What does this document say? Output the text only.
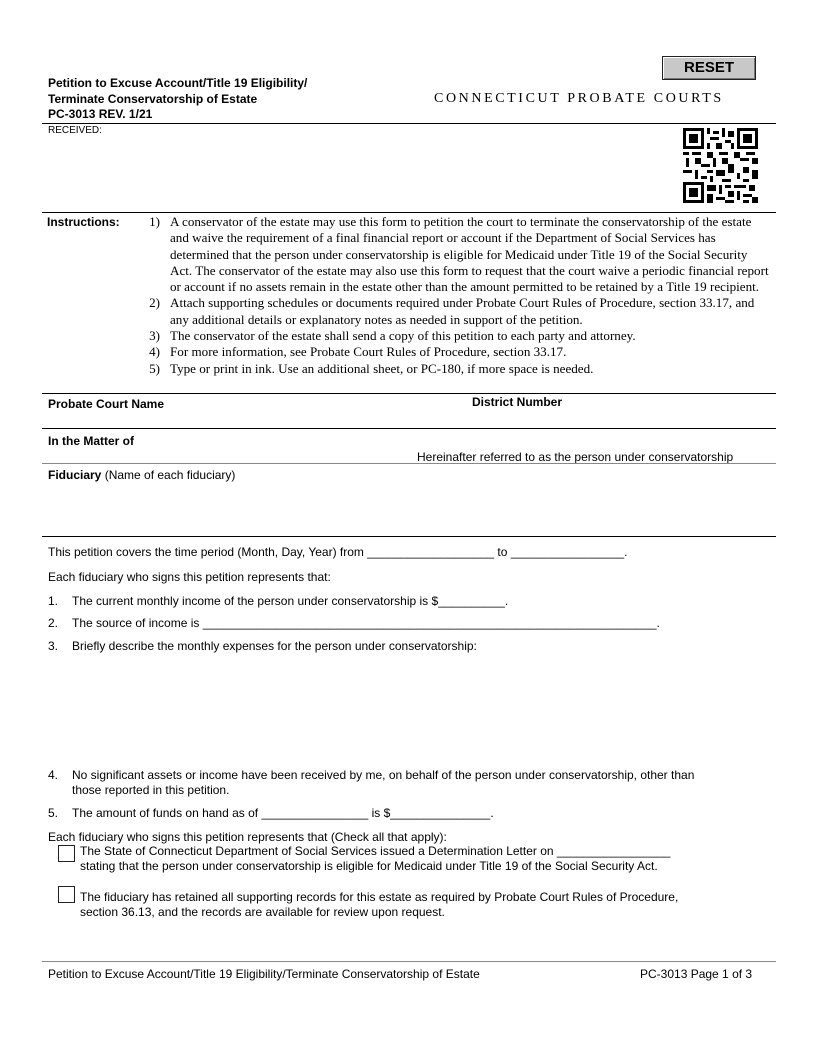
RESET
Petition to Excuse Account/Title 19 Eligibility/
Terminate Conservatorship of Estate
PC-3013 REV. 1/21
CONNECTICUT PROBATE COURTS
RECEIVED:
Instructions:	1) A conservator of the estate may use this form to petition the court to terminate the conservatorship of the estate and waive the requirement of a final financial report or account if the Department of Social Services has determined that the person under conservatorship is eligible for Medicaid under Title 19 of the Social Security Act. The conservator of the estate may also use this form to request that the court waive a periodic financial report or account if no assets remain in the estate other than the amount permitted to be retained by a Title 19 recipient.
2) Attach supporting schedules or documents required under Probate Court Rules of Procedure, section 33.17, and any additional details or explanatory notes as needed in support of the petition.
3) The conservator of the estate shall send a copy of this petition to each party and attorney.
4) For more information, see Probate Court Rules of Procedure, section 33.17.
5) Type or print in ink. Use an additional sheet, or PC-180, if more space is needed.
Probate Court Name	District Number
In the Matter of
Hereinafter referred to as the person under conservatorship
Fiduciary (Name of each fiduciary)
This petition covers the time period (Month, Day, Year) from ___________________ to _________________.
Each fiduciary who signs this petition represents that:
1. The current monthly income of the person under conservatorship is $__________.
2. The source of income is ____________________________________________________________________.
3. Briefly describe the monthly expenses for the person under conservatorship:
4. No significant assets or income have been received by me, on behalf of the person under conservatorship, other than
those reported in this petition.
5. The amount of funds on hand as of ________________ is $_______________.
Each fiduciary who signs this petition represents that (Check all that apply):
The State of Connecticut Department of Social Services issued a Determination Letter on _________________
stating that the person under conservatorship is eligible for Medicaid under Title 19 of the Social Security Act.
The fiduciary has retained all supporting records for this estate as required by Probate Court Rules of Procedure,
section 36.13, and the records are available for review upon request.
Petition to Excuse Account/Title 19 Eligibility/Terminate Conservatorship of Estate	PC-3013 Page 1 of 3
